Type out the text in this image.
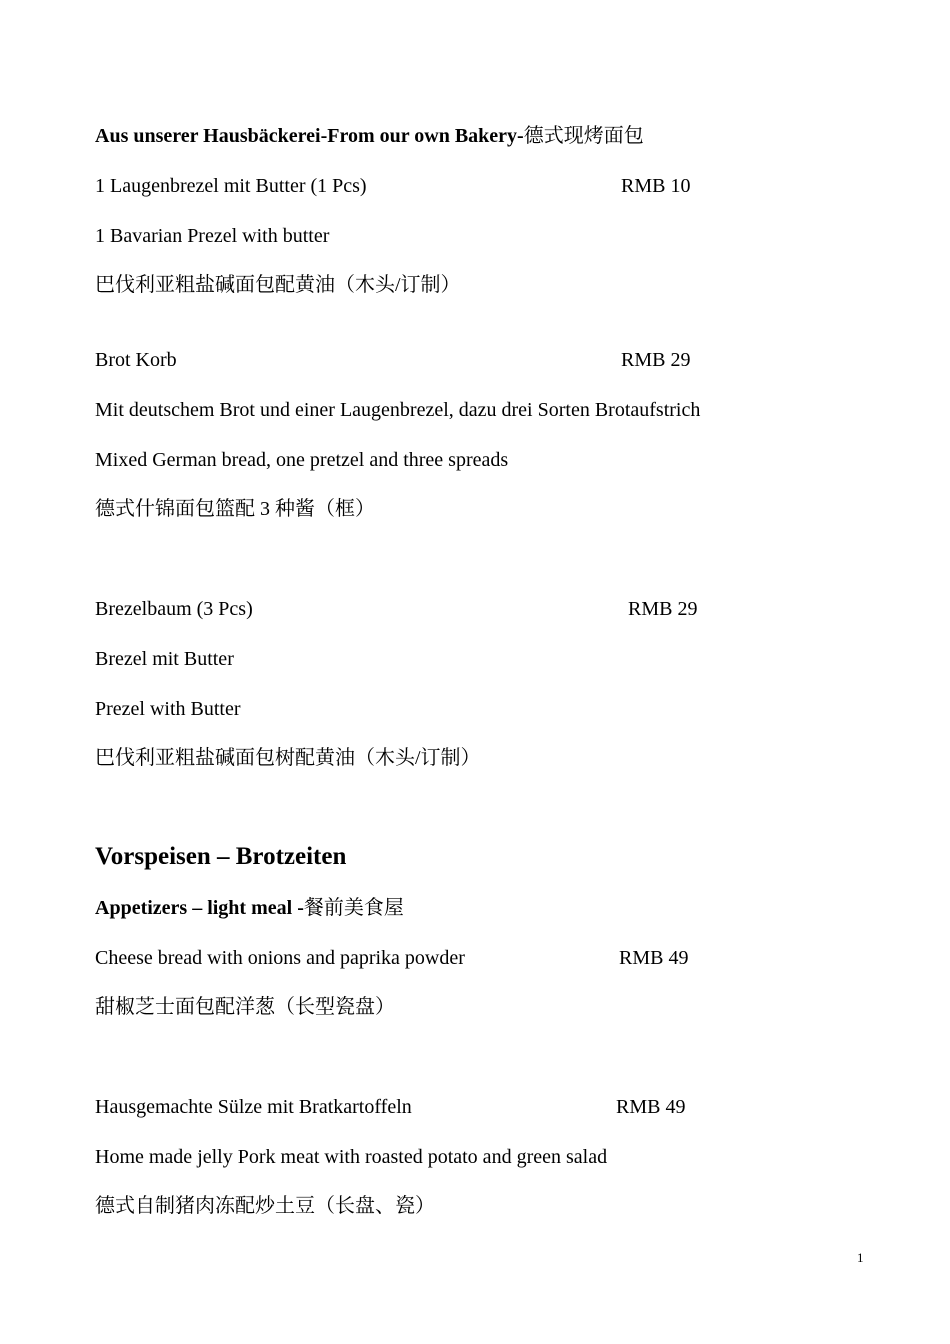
Aus unserer Hausbäckerei-From our own Bakery-德式现烤面包
1 Laugenbrezel mit Butter (1 Pcs)	RMB 10
1 Bavarian Prezel with butter
巴伐利亚粗盐碱面包配黄油（木头/订制）
Brot Korb	RMB 29
Mit deutschem Brot und einer Laugenbrezel, dazu drei Sorten Brotaufstrich
Mixed German bread, one pretzel and three spreads
德式什锦面包篮配 3 种酱（框）
Brezelbaum (3 Pcs)	RMB 29
Brezel mit Butter
Prezel with Butter
巴伐利亚粗盐碱面包树配黄油（木头/订制）
Vorspeisen – Brotzeiten
Appetizers – light meal -餐前美食屋
Cheese bread with onions and paprika powder	RMB 49
甜椒芝士面包配洋葱（长型瓷盘）
Hausgemachte Sülze mit Bratkartoffeln	RMB 49
Home made jelly Pork meat with roasted potato and green salad
德式自制猪肉冻配炒土豆（长盘、瓷）
1
